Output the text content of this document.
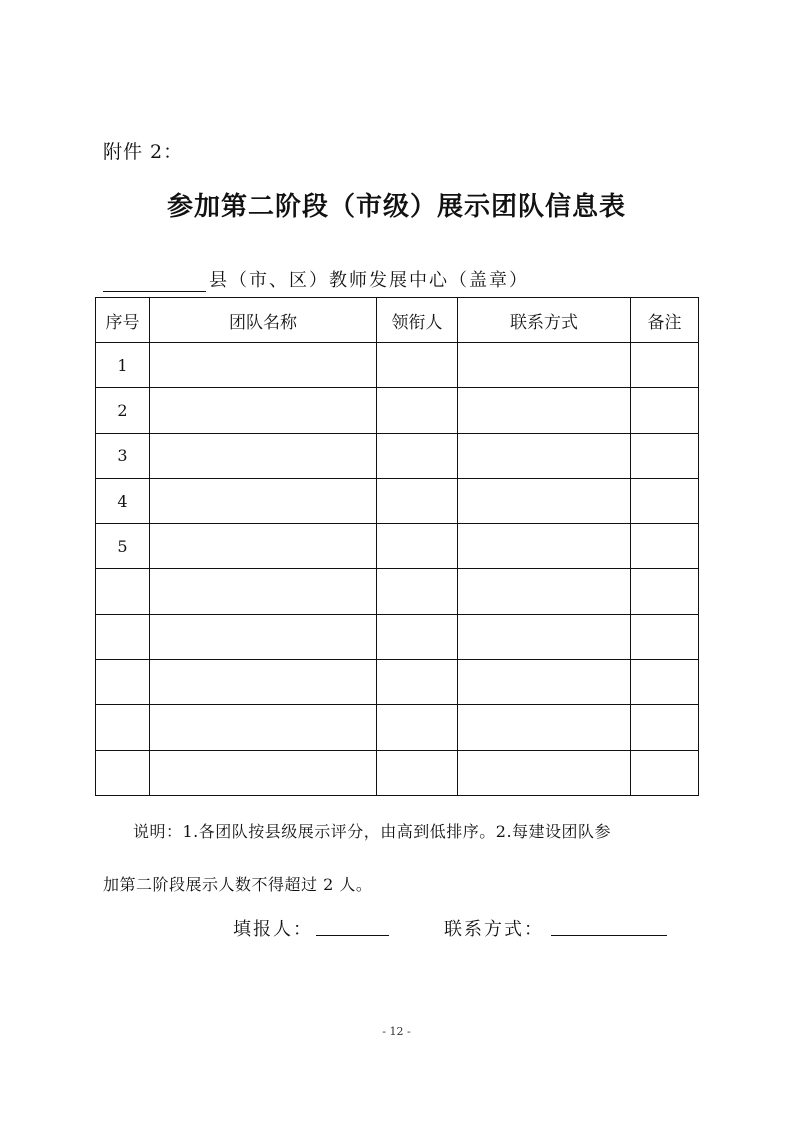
附件 2：
参加第二阶段（市级）展示团队信息表
县（市、区）教师发展中心（盖章）
序号	团队名称	领衔人	联系方式	备注
1				
2				
3				
4				
5				

说明：1.各团队按县级展示评分，由高到低排序。2.每建设团队参
加第二阶段展示人数不得超过 2 人。
填报人：	联系方式：
- 12 -
